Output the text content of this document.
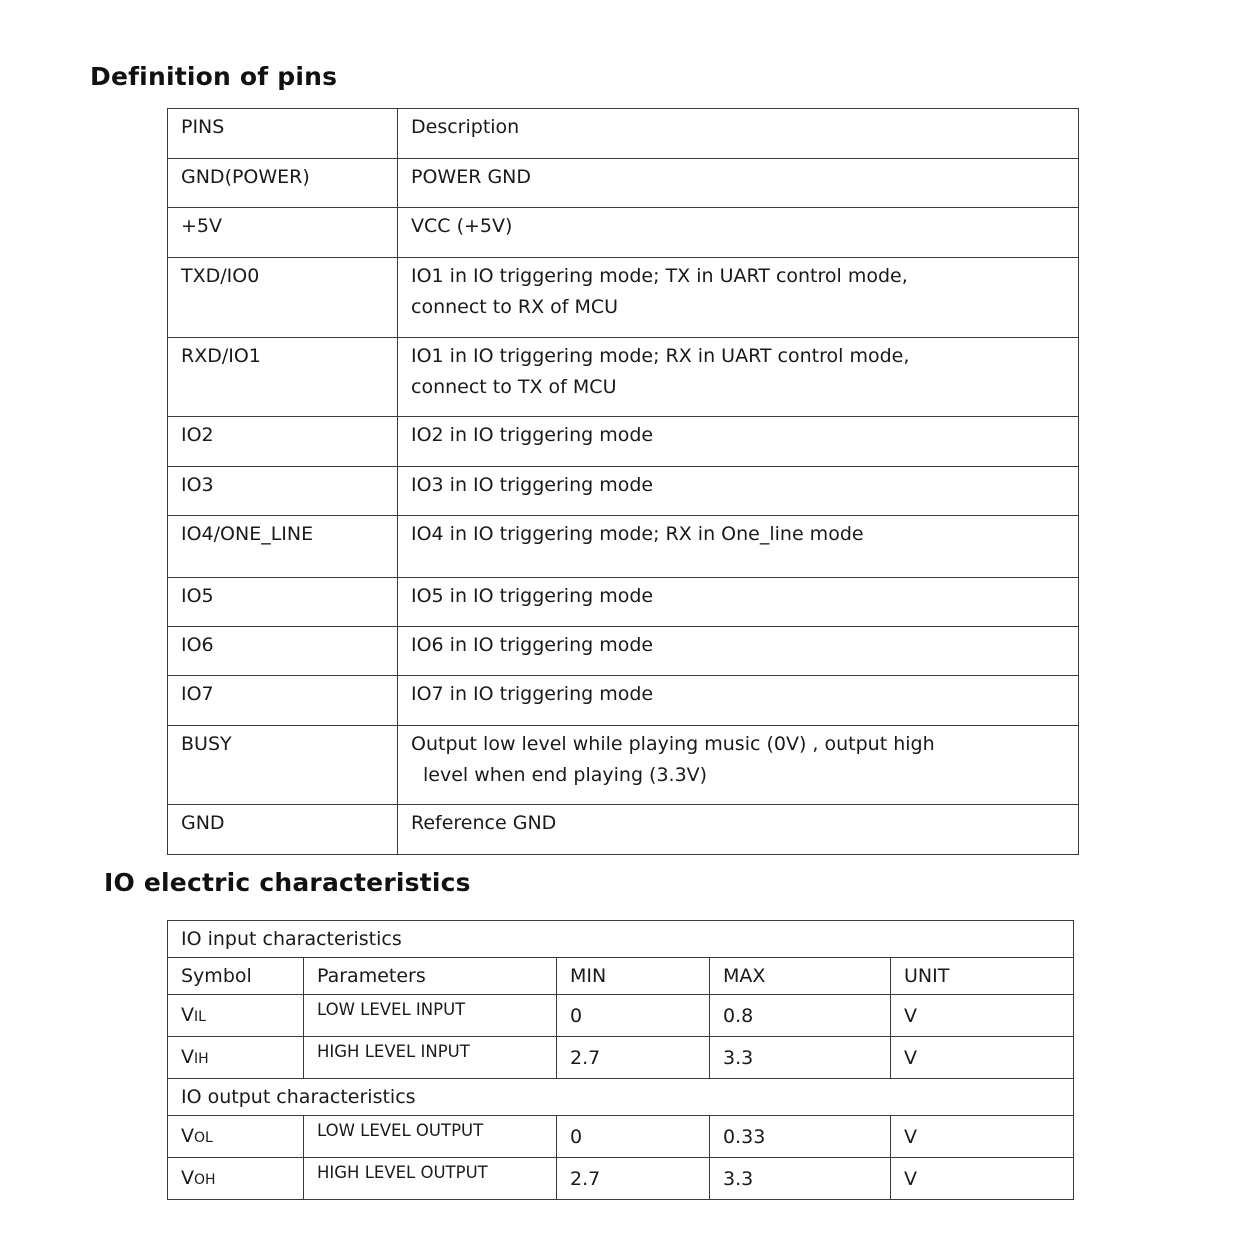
Definition of pins
PINS	Description
GND(POWER)	POWER GND
+5V	VCC (+5V)
TXD/IO0	IO1 in IO triggering mode; TX in UART control mode,
connect to RX of MCU

RXD/IO1	IO1 in IO triggering mode; RX in UART control mode,
connect to TX of MCU

IO2	IO2 in IO triggering mode
IO3	IO3 in IO triggering mode
IO4/ONE_LINE	IO4 in IO triggering mode; RX in One_line mode
IO5	IO5 in IO triggering mode
IO6	IO6 in IO triggering mode
IO7	IO7 in IO triggering mode
BUSY	Output low level while playing music (0V) , output high
level when end playing (3.3V)

GND	Reference GND
IO electric characteristics
IO input characteristics				
Symbol	Parameters	MIN	MAX	UNIT
VIL	LOW LEVEL INPUT	0	0.8	V
VIH	HIGH LEVEL INPUT	2.7	3.3	V
IO output characteristics				
VOL	LOW LEVEL OUTPUT	0	0.33	V
VOH	HIGH LEVEL OUTPUT	2.7	3.3	V
